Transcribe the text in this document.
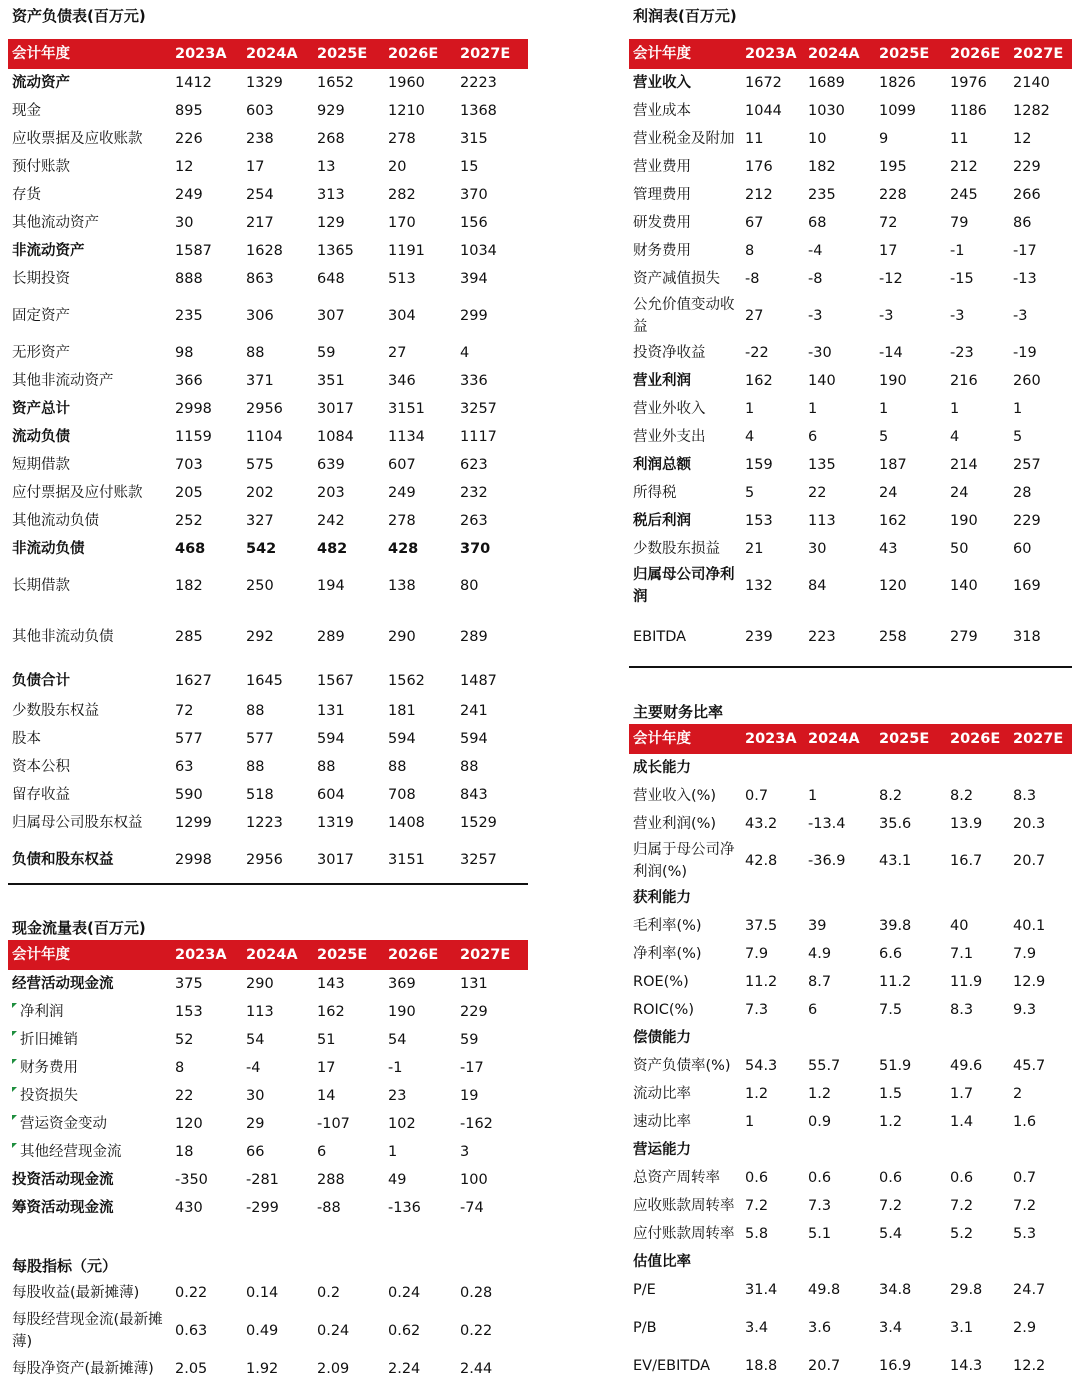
资产负债表(百万元)
会计年度	2023A	2024A	2025E	2026E	2027E
流动资产	1412	1329	1652	1960	2223
现金	895	603	929	1210	1368
应收票据及应收账款	226	238	268	278	315
预付账款	12	17	13	20	15
存货	249	254	313	282	370
其他流动资产	30	217	129	170	156
非流动资产	1587	1628	1365	1191	1034
长期投资	888	863	648	513	394
固定资产	235	306	307	304	299
无形资产	98	88	59	27	4
其他非流动资产	366	371	351	346	336
资产总计	2998	2956	3017	3151	3257
流动负债	1159	1104	1084	1134	1117
短期借款	703	575	639	607	623
应付票据及应付账款	205	202	203	249	232
其他流动负债	252	327	242	278	263
非流动负债	468	542	482	428	370
长期借款	182	250	194	138	80
其他非流动负债	285	292	289	290	289
负债合计	1627	1645	1567	1562	1487
少数股东权益	72	88	131	181	241
股本	577	577	594	594	594
资本公积	63	88	88	88	88
留存收益	590	518	604	708	843
归属母公司股东权益	1299	1223	1319	1408	1529
负债和股东权益	2998	2956	3017	3151	3257
现金流量表(百万元)
会计年度	2023A	2024A	2025E	2026E	2027E
经营活动现金流	375	290	143	369	131
净利润	153	113	162	190	229
折旧摊销	52	54	51	54	59
财务费用	8	-4	17	-1	-17
投资损失	22	30	14	23	19
营运资金变动	120	29	-107	102	-162
其他经营现金流	18	66	6	1	3
投资活动现金流	-350	-281	288	49	100
筹资活动现金流	430	-299	-88	-136	-74
每股指标（元）
每股收益(最新摊薄)	0.22	0.14	0.2	0.24	0.28
每股经营现金流(最新摊薄)	0.63	0.49	0.24	0.62	0.22
每股净资产(最新摊薄)	2.05	1.92	2.09	2.24	2.44
利润表(百万元)
会计年度	2023A	2024A	2025E	2026E	2027E
营业收入	1672	1689	1826	1976	2140
营业成本	1044	1030	1099	1186	1282
营业税金及附加	11	10	9	11	12
营业费用	176	182	195	212	229
管理费用	212	235	228	245	266
研发费用	67	68	72	79	86
财务费用	8	-4	17	-1	-17
资产减值损失	-8	-8	-12	-15	-13
公允价值变动收益	27	-3	-3	-3	-3
投资净收益	-22	-30	-14	-23	-19
营业利润	162	140	190	216	260
营业外收入	1	1	1	1	1
营业外支出	4	6	5	4	5
利润总额	159	135	187	214	257
所得税	5	22	24	24	28
税后利润	153	113	162	190	229
少数股东损益	21	30	43	50	60
归属母公司净利润	132	84	120	140	169
EBITDA	239	223	258	279	318
主要财务比率
会计年度	2023A	2024A	2025E	2026E	2027E
成长能力					
营业收入(%)	0.7	1	8.2	8.2	8.3
营业利润(%)	43.2	-13.4	35.6	13.9	20.3
归属于母公司净利润(%)	42.8	-36.9	43.1	16.7	20.7
获利能力					
毛利率(%)	37.5	39	39.8	40	40.1
净利率(%)	7.9	4.9	6.6	7.1	7.9
ROE(%)	11.2	8.7	11.2	11.9	12.9
ROIC(%)	7.3	6	7.5	8.3	9.3
偿债能力					
资产负债率(%)	54.3	55.7	51.9	49.6	45.7
流动比率	1.2	1.2	1.5	1.7	2
速动比率	1	0.9	1.2	1.4	1.6
营运能力					
总资产周转率	0.6	0.6	0.6	0.6	0.7
应收账款周转率	7.2	7.3	7.2	7.2	7.2
应付账款周转率	5.8	5.1	5.4	5.2	5.3
估值比率					
P/E	31.4	49.8	34.8	29.8	24.7
P/B	3.4	3.6	3.4	3.1	2.9
EV/EBITDA	18.8	20.7	16.9	14.3	12.2
